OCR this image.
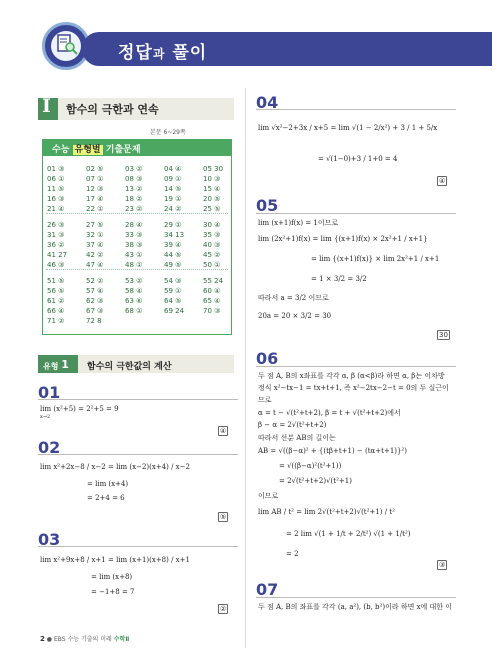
정답과 풀이
I 함수의 극한과 연속
본문 6~29쪽
수능 유형별 기출문제
유형 1	함수의 극한값의 계산
01
lim (x²+5) = 2²+5 = 9
x→2
④
02
lim x²+2x−8 / x−2 = lim (x−2)(x+4) / x−2
= lim (x+4)
= 2+4 = 6
⑤
03
lim x²+9x+8 / x+1 = lim (x+1)(x+8) / x+1
= lim (x+8)
= −1+8 = 7
②
04
lim √x²−2+3x / x+5 = lim √(1 − 2/x²) + 3 / 1 + 5/x
= √(1−0)+3 / 1+0 = 4
④
05
lim (x+1)f(x) = 1이므로
lim (2x²+1)f(x) = lim {(x+1)f(x) × 2x²+1 / x+1}
= lim {(x+1)f(x)} × lim 2x²+1 / x+1
= 1 × 3/2 = 3/2
따라서 a = 3/2 이므로
20a = 20 × 3/2 = 30
30
06
두 점 A, B의 x좌표를 각각 α, β (α<β)라 하면 α, β는 이차방
정식 x²−tx−1 = tx+t+1, 즉 x²−2tx−2−t = 0의 두 실근이
므로
α = t − √(t²+t+2), β = t + √(t²+t+2)에서
β − α = 2√(t²+t+2)
따라서 선분 AB의 길이는
AB = √((β−α)² + {(tβ+t+1) − (tα+t+1)}²)
= √((β−α)²(t²+1))
= 2√(t²+t+2)√(t²+1)
이므로
lim AB / t² = lim 2√(t²+t+2)√(t²+1) / t²
= 2 lim √(1 + 1/t + 2/t²) √(1 + 1/t²)
= 2
③
07
두 점 A, B의 좌표를 각각 (a, a²), (b, b²)이라 하면 x에 대한 이
2 ● EBS 수능 기출의 미래 수학Ⅱ
01 ③	02 ⑤	03 ②	04 ④	05 30
06 ①	07 ①	08 ③	09 ①	10 ③
11 ⑤	12 ③	13 ②	14 ⑤	15 ④
16 ③	17 ④	18 ②	19 ①	20 ⑤
21 ④	22 ①	23 ②	24 ②	25 ⑤
26 ③	27 ⑤	28 ④	29 ①	30 ④
31 ③	32 ①	33 ③	34 13	35 ③
36 ②	37 ④	38 ③	39 ④	40 ③
41 27	42 ②	43 ①	44 ⑤	45 ②
46 ③	47 ④	48 ①	49 ⑤	50 ①
51 ⑤	52 ②	53 ②	54 ③	55 24
56 ⑤	57 ④	58 ④	59 ①	60 ④
61 ②	62 ③	63 ⑥	64 ⑤	65 ④
66 ④	67 ③	68 ①	69 24	70 ③
71 ②	72 8
